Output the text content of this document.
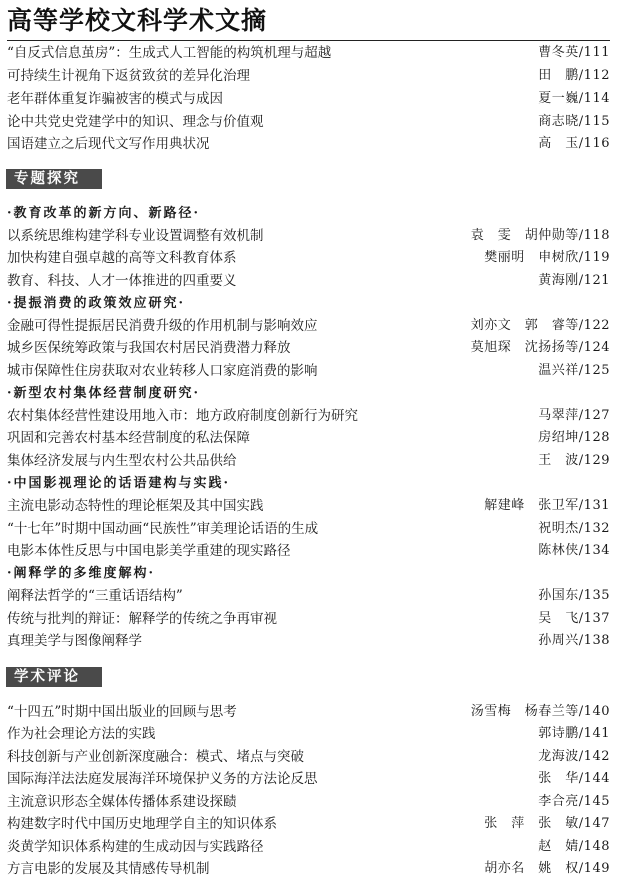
高等学校文科学术文摘
“自反式信息茧房”：生成式人工智能的构筑机理与超越	曹冬英/111
可持续生计视角下返贫致贫的差异化治理	田　鹏/112
老年群体重复诈骗被害的模式与成因	夏一巍/114
论中共党史党建学中的知识、理念与价值观	商志晓/115
国语建立之后现代文写作用典状况	高　玉/116
专题探究
·教育改革的新方向、新路径·
以系统思维构建学科专业设置调整有效机制	袁　雯　胡仲勋等/118
加快构建自强卓越的高等文科教育体系	樊丽明　申树欣/119
教育、科技、人才一体推进的四重要义	黄海刚/121
·提振消费的政策效应研究·
金融可得性提振居民消费升级的作用机制与影响效应	刘亦文　郭　睿等/122
城乡医保统筹政策与我国农村居民消费潜力释放	莫旭琛　沈扬扬等/124
城市保障性住房获取对农业转移人口家庭消费的影响	温兴祥/125
·新型农村集体经营制度研究·
农村集体经营性建设用地入市：地方政府制度创新行为研究	马翠萍/127
巩固和完善农村基本经营制度的私法保障	房绍坤/128
集体经济发展与内生型农村公共品供给	王　波/129
·中国影视理论的话语建构与实践·
主流电影动态特性的理论框架及其中国实践	解建峰　张卫军/131
“十七年”时期中国动画“民族性”审美理论话语的生成	祝明杰/132
电影本体性反思与中国电影美学重建的现实路径	陈林侠/134
·阐释学的多维度解构·
阐释法哲学的“三重话语结构”	孙国东/135
传统与批判的辩证：解释学的传统之争再审视	吴　飞/137
真理美学与图像阐释学	孙周兴/138
学术评论
“十四五”时期中国出版业的回顾与思考	汤雪梅　杨春兰等/140
作为社会理论方法的实践	郭诗鹏/141
科技创新与产业创新深度融合：模式、堵点与突破	龙海波/142
国际海洋法法庭发展海洋环境保护义务的方法论反思	张　华/144
主流意识形态全媒体传播体系建设探赜	李合亮/145
构建数字时代中国历史地理学自主的知识体系	张　萍　张　敏/147
炎黄学知识体系构建的生成动因与实践路径	赵　婧/148
方言电影的发展及其情感传导机制	胡亦名　姚　权/149
